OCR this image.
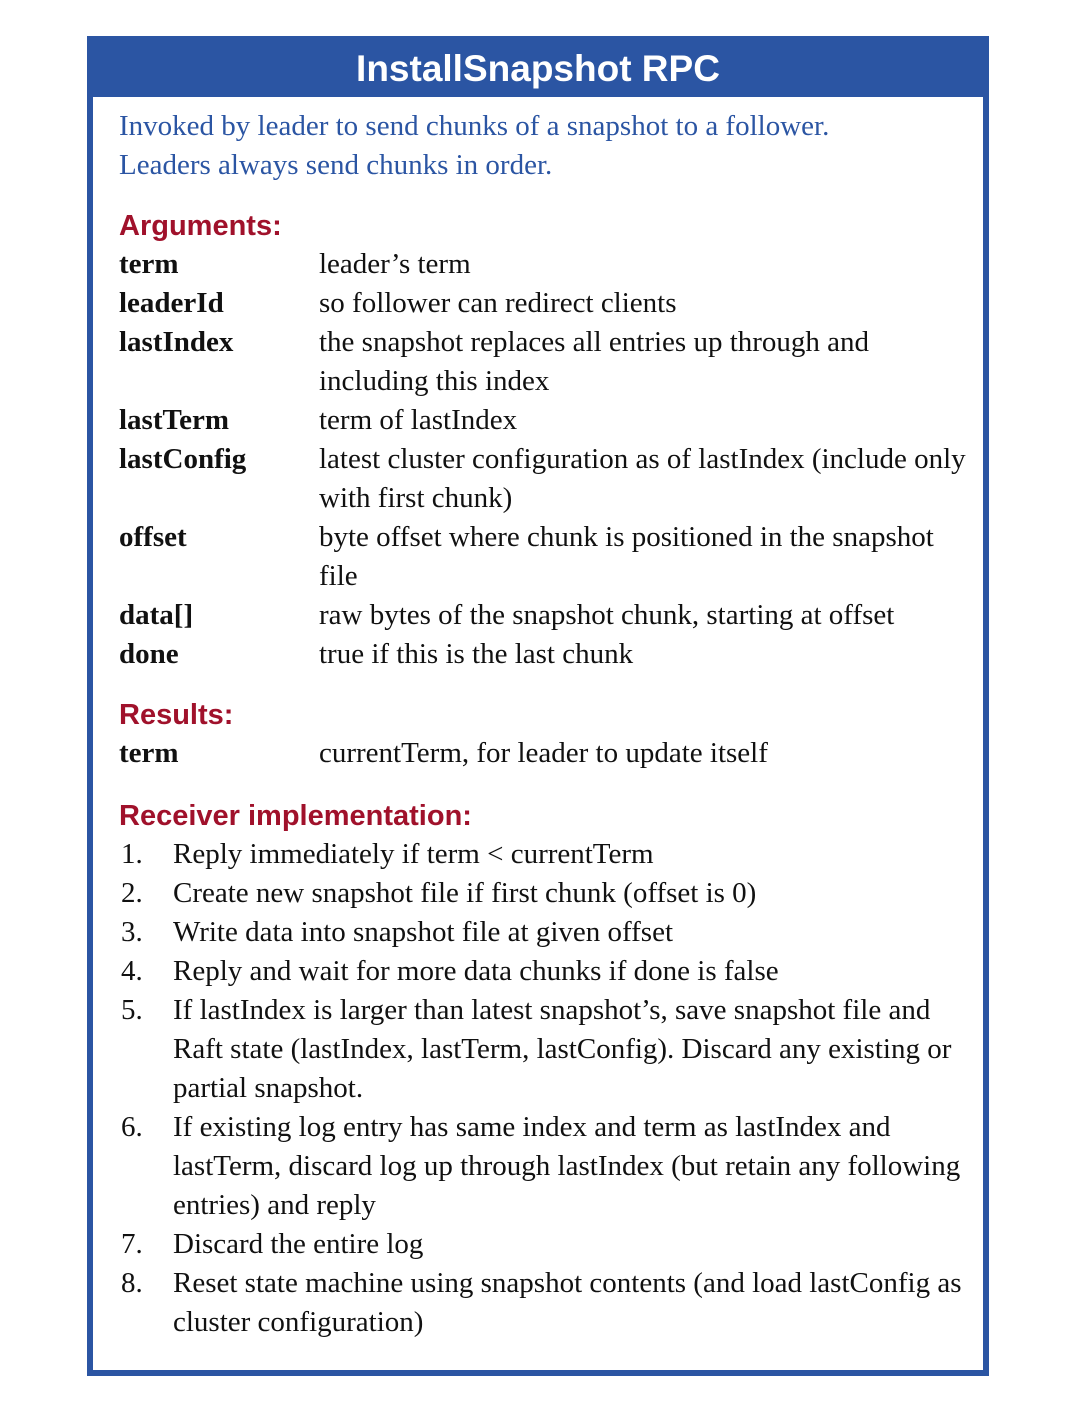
InstallSnapshot RPC

Invoked by leader to send chunks of a snapshot to a follower.
Leaders always send chunks in order.

Arguments:
term	leader’s term
leaderId	so follower can redirect clients
lastIndex	the snapshot replaces all entries up through and including this index
lastTerm	term of lastIndex
lastConfig	latest cluster configuration as of lastIndex (include only with first chunk)
offset	byte offset where chunk is positioned in the snapshot file
data[]	raw bytes of the snapshot chunk, starting at offset
done	true if this is the last chunk
Results:
term	currentTerm, for leader to update itself
Receiver implementation:
1.	Reply immediately if term < currentTerm
2.	Create new snapshot file if first chunk (offset is 0)
3.	Write data into snapshot file at given offset
4.	Reply and wait for more data chunks if done is false
5.	If lastIndex is larger than latest snapshot’s, save snapshot file and Raft state (lastIndex, lastTerm, lastConfig). Discard any existing or partial snapshot.
6.	If existing log entry has same index and term as lastIndex and lastTerm, discard log up through lastIndex (but retain any following entries) and reply
7.	Discard the entire log
8.	Reset state machine using snapshot contents (and load lastConfig as cluster configuration)
